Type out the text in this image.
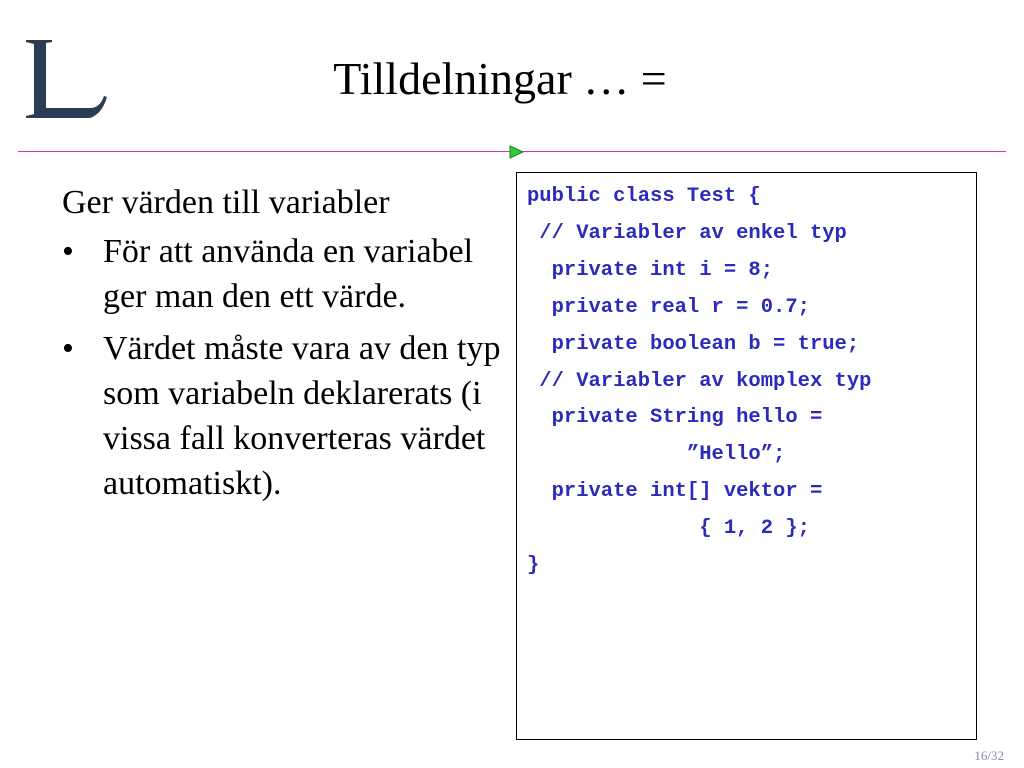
Tilldelningar … =

Ger värden till variabler

• För att använda en variabel ger man den ett värde.
• Värdet måste vara av den typ som variabeln deklarerats (i vissa fall konverteras värdet automatiskt).

public class Test {

// Variabler av enkel typ

private int i = 8;

private real r = 0.7;

private boolean b = true;

// Variabler av komplex typ

private String hello =

”Hello”;

private int[] vektor =

{ 1, 2 };

}

16/32
